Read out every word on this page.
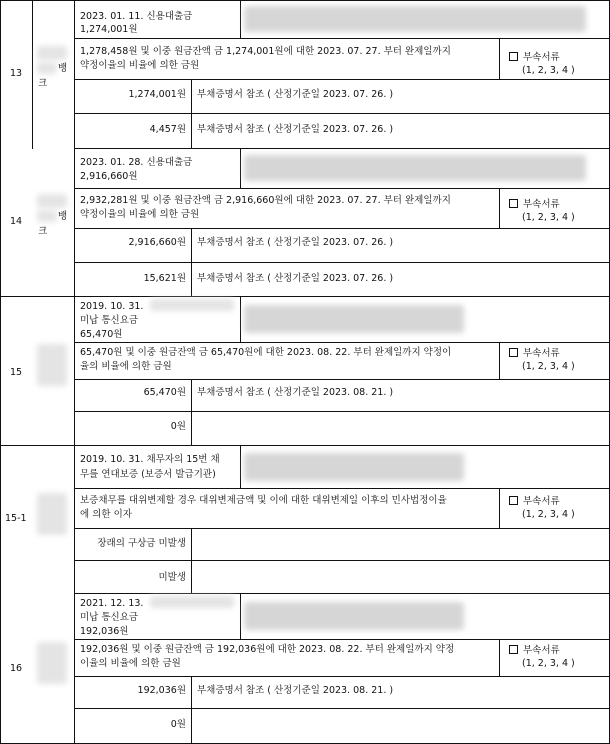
13	뱅
크
2023. 01. 11. 신용대출금
1,274,001원
1,278,458원 및 이중 원금잔액 금 1,274,001원에 대한 2023. 07. 27. 부터 완제일까지
약정이율의 비율에 의한 금원
부속서류
(1, 2, 3, 4 )
1,274,001원 부채증명서 참조 ( 산정기준일 2023. 07. 26. )
4,457원 부채증명서 참조 ( 산정기준일 2023. 07. 26. )
14	뱅
크
2023. 01. 28. 신용대출금
2,916,660원
2,932,281원 및 이중 원금잔액 금 2,916,660원에 대한 2023. 07. 27. 부터 완제일까지
약정이율의 비율에 의한 금원
부속서류
(1, 2, 3, 4 )
2,916,660원 부채증명서 참조 ( 산정기준일 2023. 07. 26. )
15,621원 부채증명서 참조 ( 산정기준일 2023. 07. 26. )
15
2019. 10. 31.
미납 통신요금
65,470원
65,470원 및 이중 원금잔액 금 65,470원에 대한 2023. 08. 22. 부터 완제일까지 약정이
율의 비율에 의한 금원
부속서류
(1, 2, 3, 4 )
65,470원 부채증명서 참조 ( 산정기준일 2023. 08. 21. )
0원
15-1
2019. 10. 31. 채무자의 15번 채
무를 연대보증 (보증서 발급기관)
보증채무를 대위변제할 경우 대위변제금액 및 이에 대한 대위변제일 이후의 민사법정이율
에 의한 이자
부속서류
(1, 2, 3, 4 )
장래의 구상금 미발생
미발생
16
2021. 12. 13.
미납 통신요금
192,036원
192,036원 및 이중 원금잔액 금 192,036원에 대한 2023. 08. 22. 부터 완제일까지 약정
이율의 비율에 의한 금원
부속서류
(1, 2, 3, 4 )
192,036원 부채증명서 참조 ( 산정기준일 2023. 08. 21. )
0원
